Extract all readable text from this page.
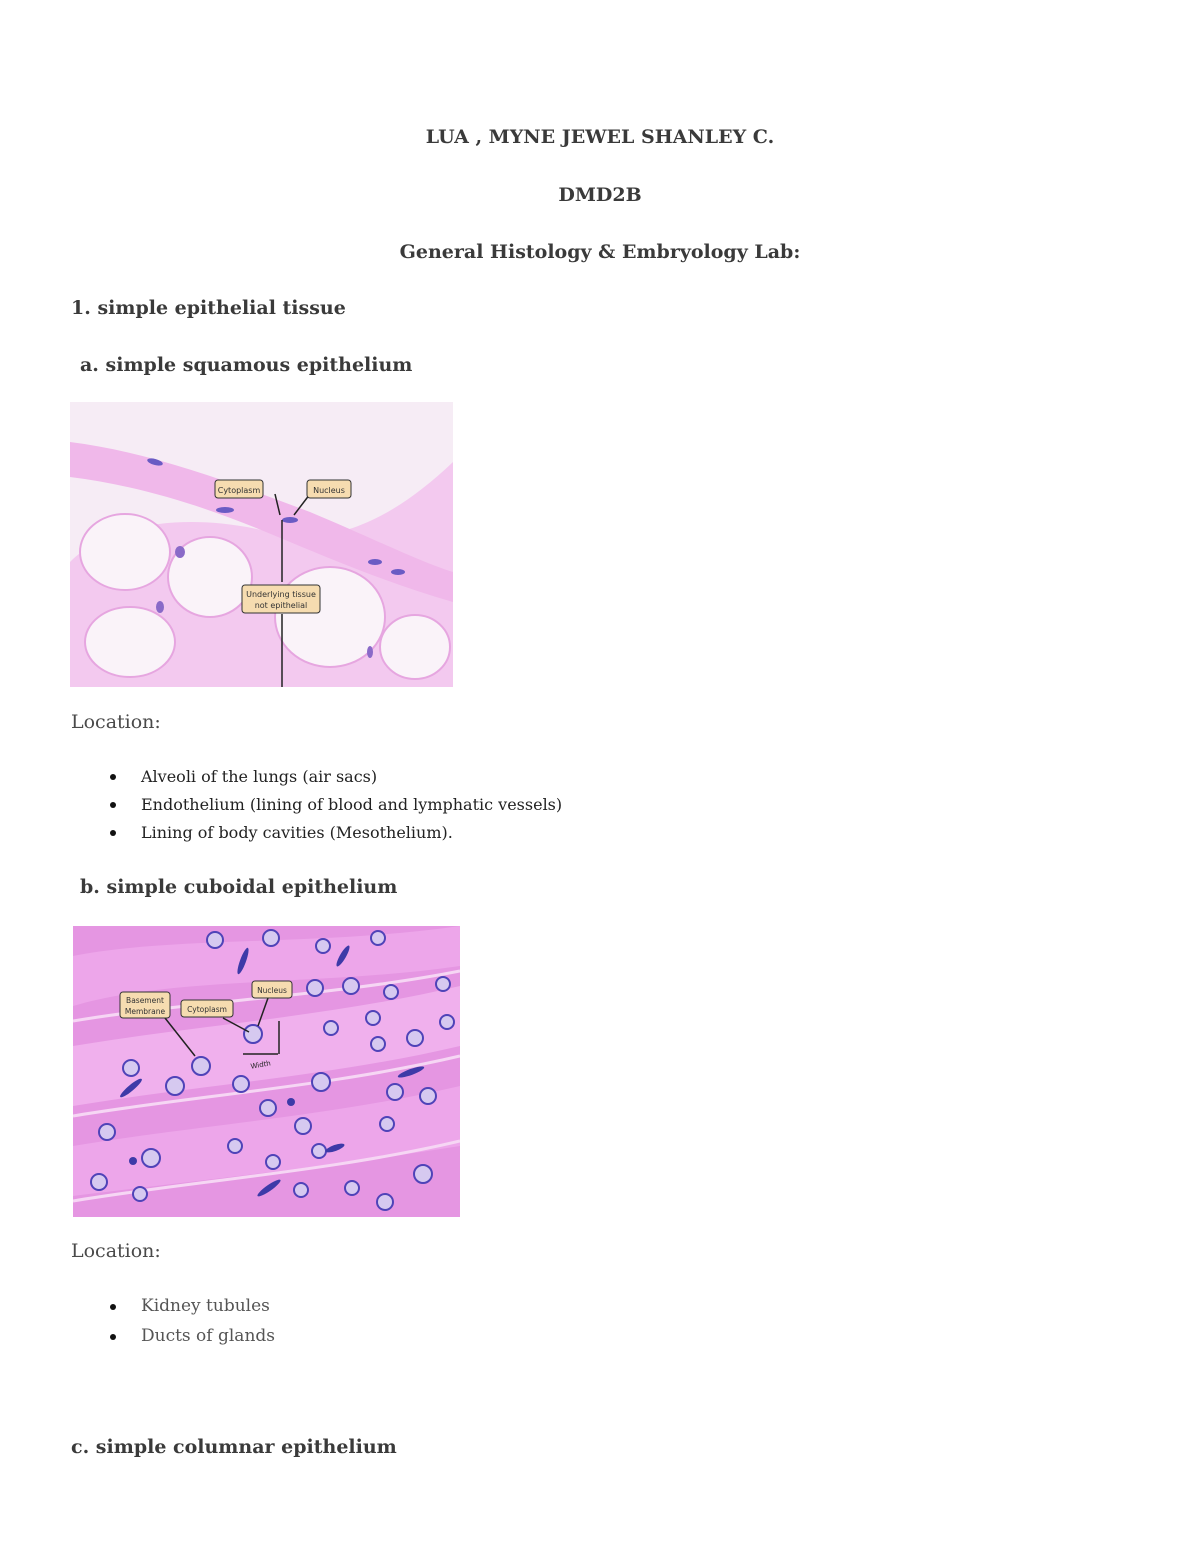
LUA , MYNE JEWEL SHANLEY C.
DMD2B
General Histology & Embryology Lab:
1. simple epithelial tissue
a. simple squamous epithelium
Cytoplasm	Nucleus
Underlying tissue
not epithelial
Location:
Alveoli of the lungs (air sacs)
Endothelium (lining of blood and lymphatic vessels)
Lining of body cavities (Mesothelium).
b. simple cuboidal epithelium
Basement
Membrane	Cytoplasm
Nucleus
Width
Location:
Kidney tubules
Ducts of glands
c. simple columnar epithelium
